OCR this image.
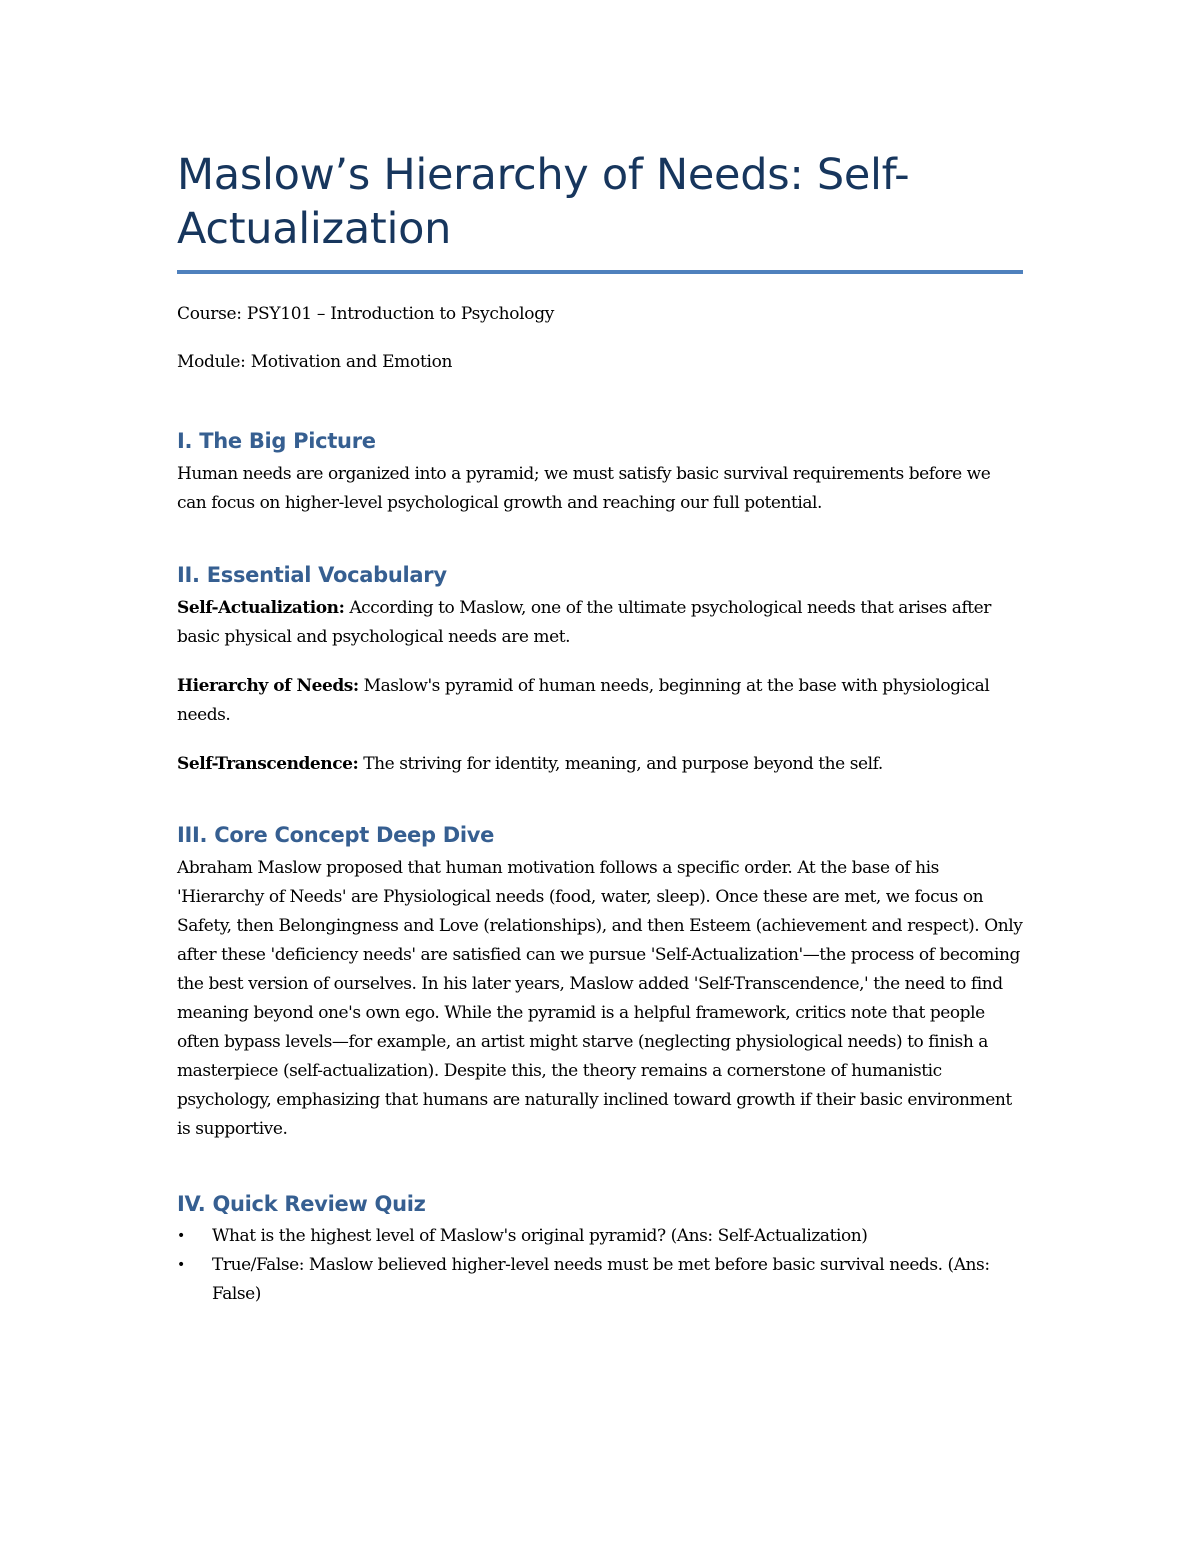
Maslow’s Hierarchy of Needs: Self-Actualization

Course: PSY101 – Introduction to Psychology

Module: Motivation and Emotion

I. The Big Picture

Human needs are organized into a pyramid; we must satisfy basic survival requirements before we can focus on higher-level psychological growth and reaching our full potential.

II. Essential Vocabulary

Self-Actualization: According to Maslow, one of the ultimate psychological needs that arises after basic physical and psychological needs are met.

Hierarchy of Needs: Maslow's pyramid of human needs, beginning at the base with physiological needs.

Self-Transcendence: The striving for identity, meaning, and purpose beyond the self.

III. Core Concept Deep Dive

Abraham Maslow proposed that human motivation follows a specific order. At the base of his 'Hierarchy of Needs' are Physiological needs (food, water, sleep). Once these are met, we focus on Safety, then Belongingness and Love (relationships), and then Esteem (achievement and respect). Only after these 'deficiency needs' are satisfied can we pursue 'Self-Actualization'—the process of becoming the best version of ourselves. In his later years, Maslow added 'Self-Transcendence,' the need to find meaning beyond one's own ego. While the pyramid is a helpful framework, critics note that people often bypass levels—for example, an artist might starve (neglecting physiological needs) to finish a masterpiece (self-actualization). Despite this, the theory remains a cornerstone of humanistic psychology, emphasizing that humans are naturally inclined toward growth if their basic environment is supportive.

IV. Quick Review Quiz
• What is the highest level of Maslow's original pyramid? (Ans: Self-Actualization)
• True/False: Maslow believed higher-level needs must be met before basic survival needs. (Ans: False)
